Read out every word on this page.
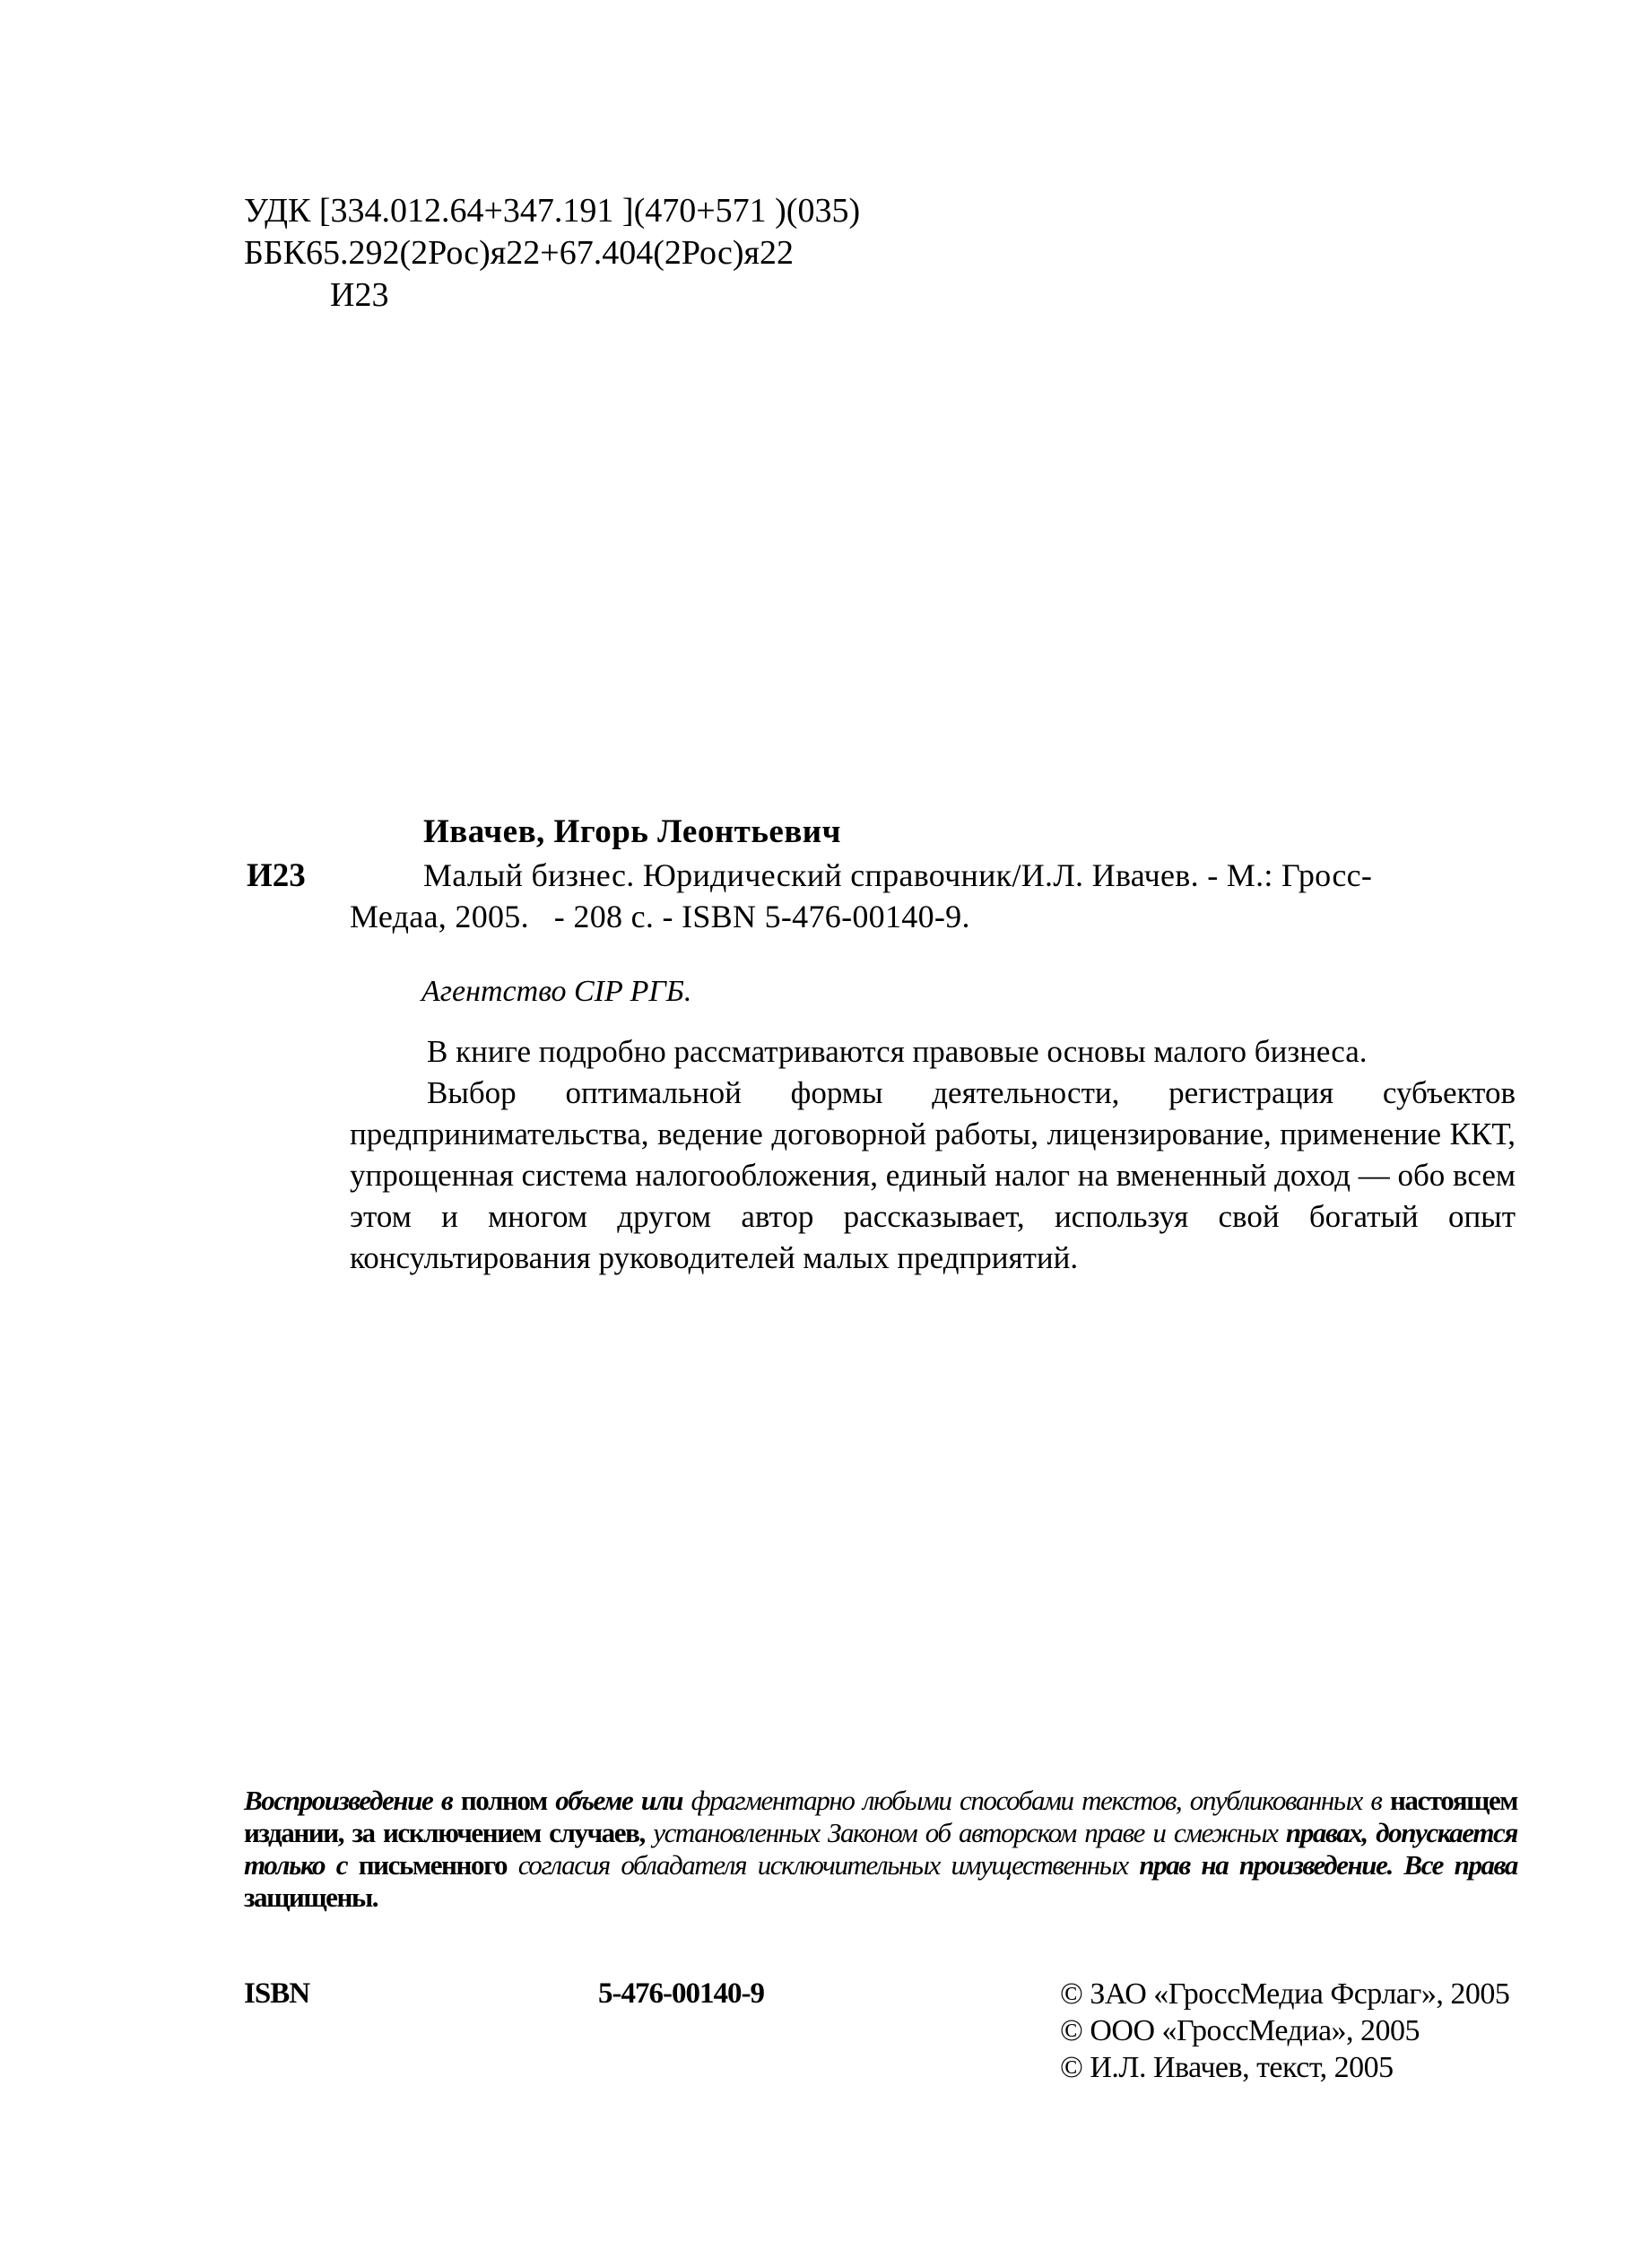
УДК [334.012.64+347.191 ](470+571 )(035)
ББК65.292(2Рос)я22+67.404(2Рос)я22
И23
Ивачев, Игорь Леонтьевич
И23	Малый бизнес. Юридический справочник/И.Л. Ивачев. - М.: Гросс-
Медаа, 2005.   - 208 с. - ISBN 5-476-00140-9.
Агентство CIP РГБ.

В книге подробно рассматриваются правовые основы малого бизнеса.

Выбор оптимальной формы деятельности, регистрация субъектов предпринимательства, ведение договорной работы, лицензирование, применение ККТ, упрощенная система налогообложения, единый налог на вмененный доход — обо всем этом и многом другом автор рассказывает, используя свой богатый опыт консультирования руководителей малых предприятий.

Воспроизведение в полном объеме или фрагментарно любыми способами текстов, опубликованных в настоящем издании, за исключением случаев, установленных Законом об авторском праве и смежных правах, допускается только с письменного согласия обладателя исключительных имущественных прав на произведение. Все права защищены.
ISBN	5-476-00140-9	© ЗАО «ГроссМедиа Фсрлаг», 2005
© ООО «ГроссМедиа», 2005
© И.Л. Ивачев, текст, 2005
